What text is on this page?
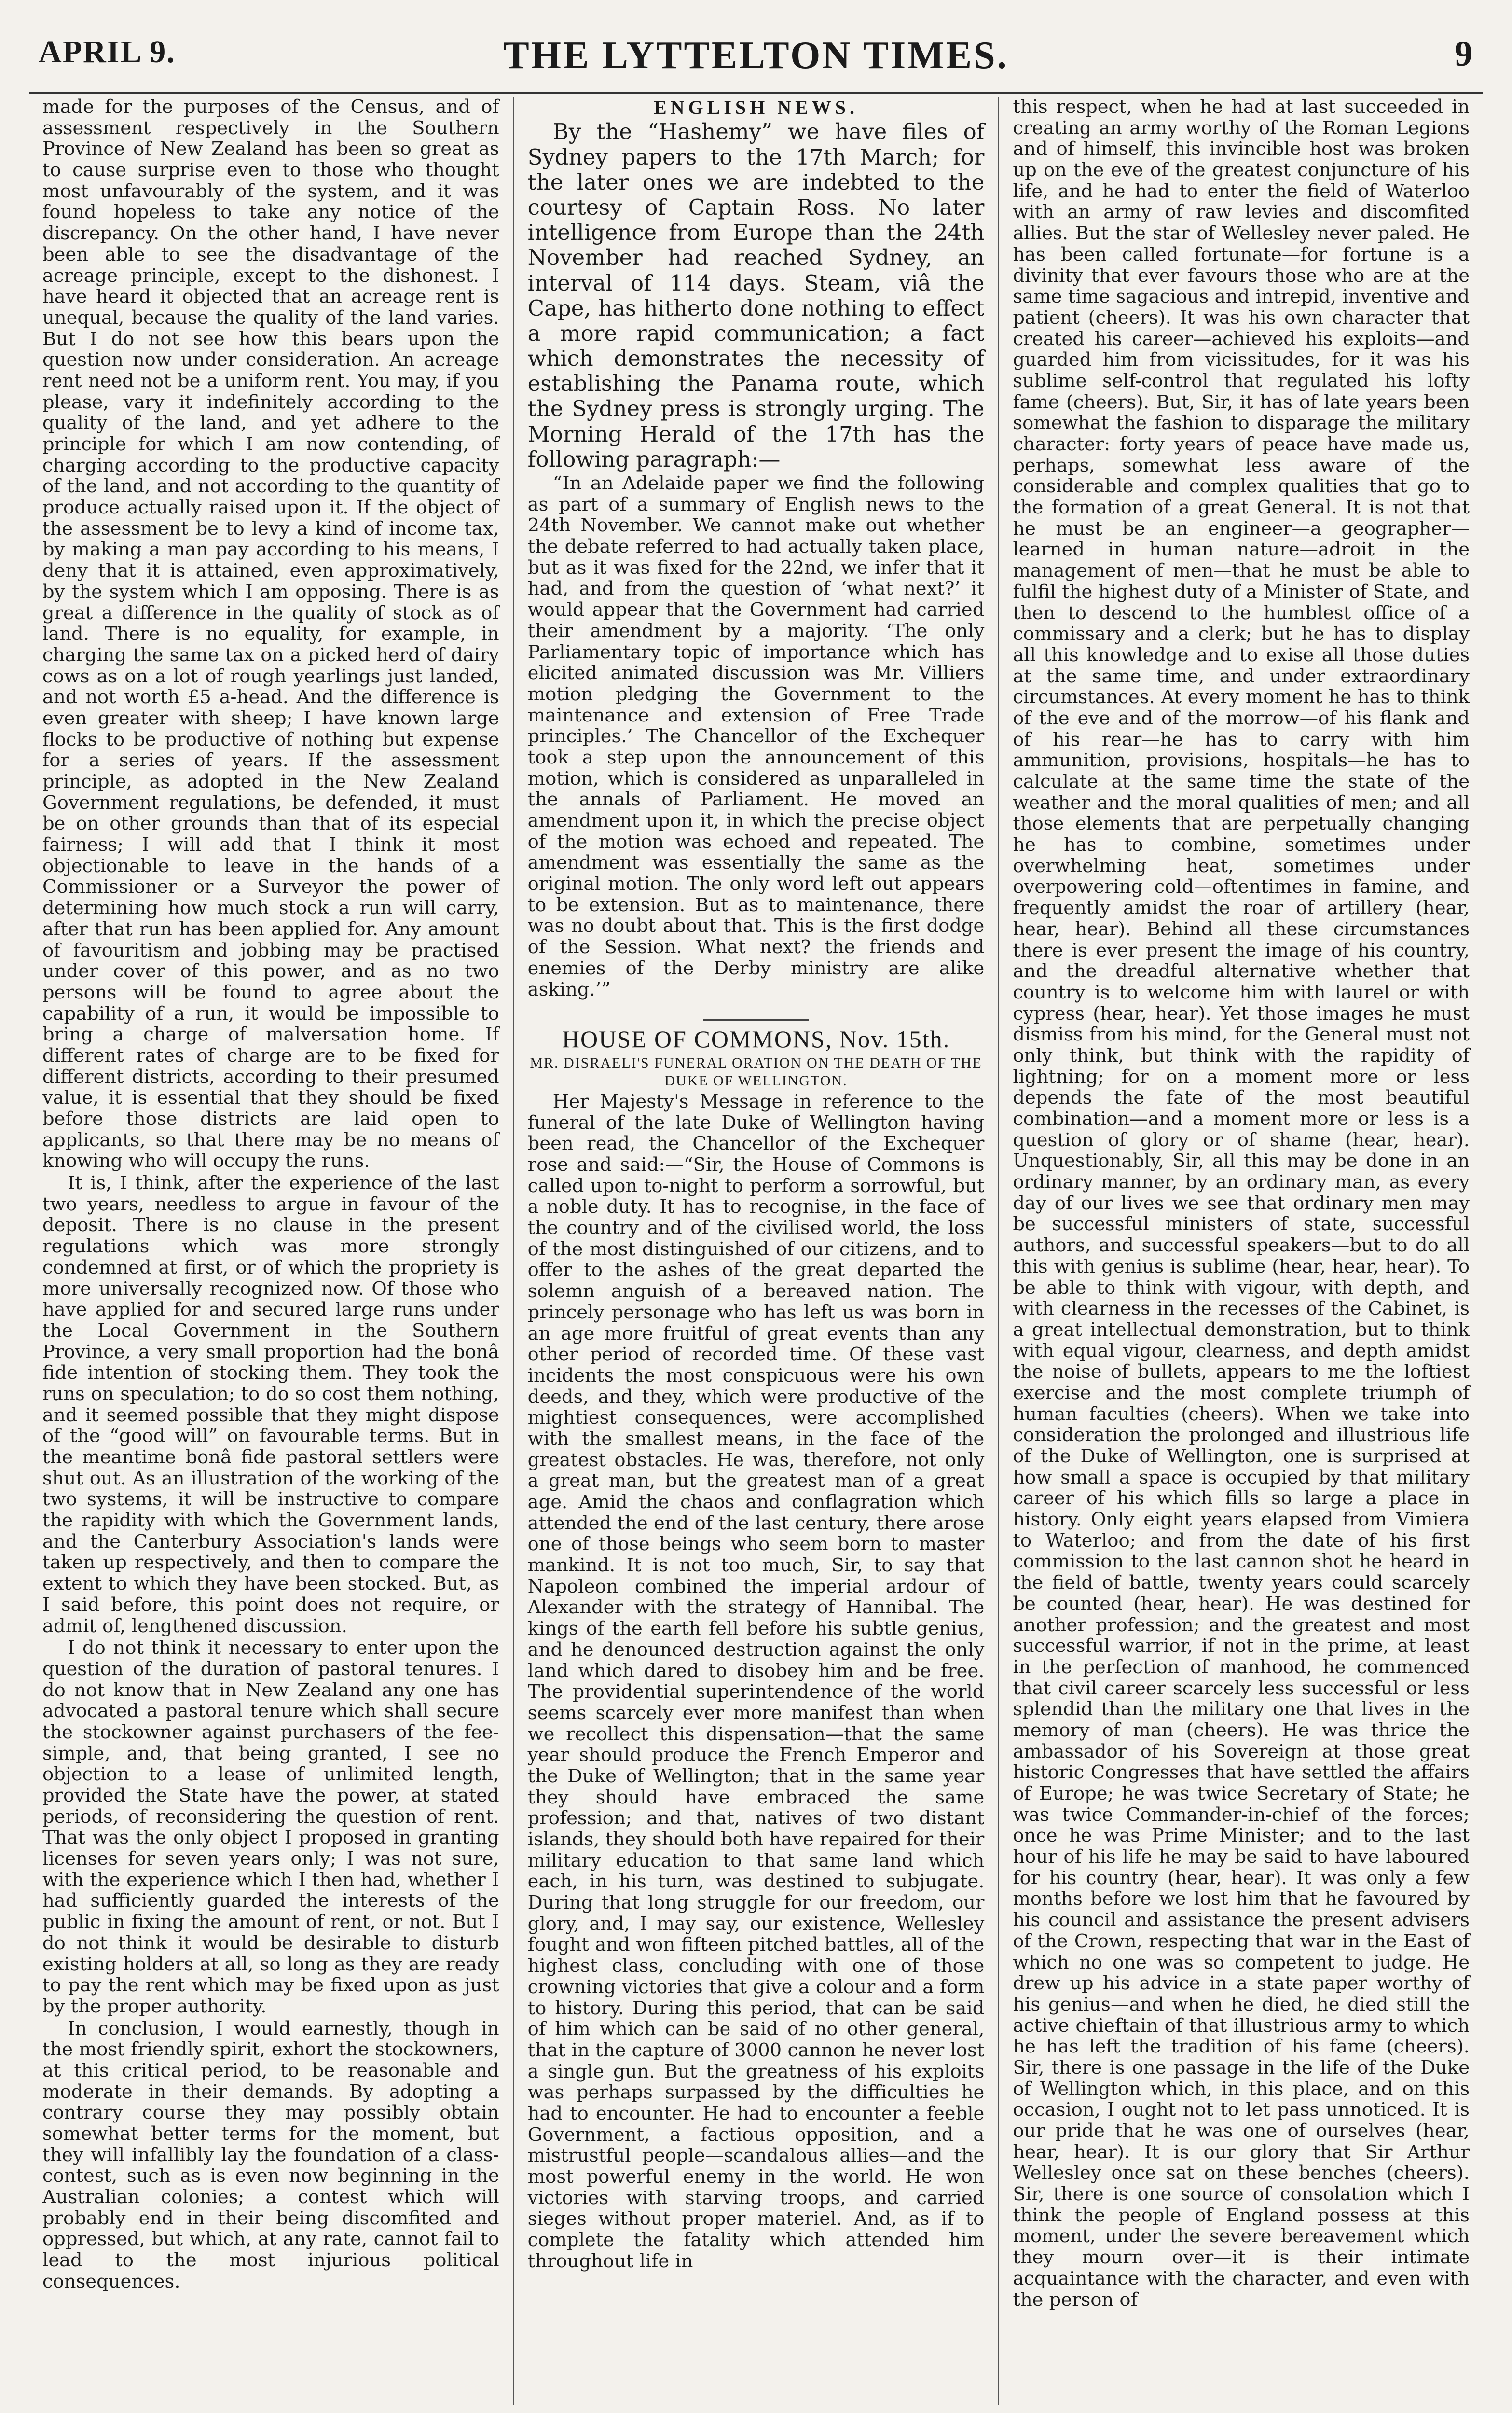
APRIL 9.	THE LYTTELTON TIMES.	9

made for the purposes of the Census, and of assessment respectively in the Southern Province of New Zealand has been so great as to cause surprise even to those who thought most unfavourably of the system, and it was found hopeless to take any notice of the discrepancy. On the other hand, I have never been able to see the disadvantage of the acreage principle, except to the dishonest. I have heard it objected that an acreage rent is unequal, because the quality of the land varies. But I do not see how this bears upon the question now under consideration. An acreage rent need not be a uniform rent. You may, if you please, vary it indefinitely according to the quality of the land, and yet adhere to the principle for which I am now contending, of charging according to the productive capacity of the land, and not according to the quantity of produce actually raised upon it. If the object of the assessment be to levy a kind of income tax, by making a man pay according to his means, I deny that it is attained, even approximatively, by the system which I am opposing. There is as great a difference in the quality of stock as of land. There is no equality, for example, in charging the same tax on a picked herd of dairy cows as on a lot of rough yearlings just landed, and not worth £5 a-head. And the difference is even greater with sheep; I have known large flocks to be productive of nothing but expense for a series of years. If the assessment principle, as adopted in the New Zealand Government regulations, be defended, it must be on other grounds than that of its especial fairness; I will add that I think it most objectionable to leave in the hands of a Commissioner or a Surveyor the power of determining how much stock a run will carry, after that run has been applied for. Any amount of favouritism and jobbing may be practised under cover of this power, and as no two persons will be found to agree about the capability of a run, it would be impossible to bring a charge of malversation home. If different rates of charge are to be fixed for different districts, according to their presumed value, it is essential that they should be fixed before those districts are laid open to applicants, so that there may be no means of knowing who will occupy the runs.

It is, I think, after the experience of the last two years, needless to argue in favour of the deposit. There is no clause in the present regulations which was more strongly condemned at first, or of which the propriety is more universally recognized now. Of those who have applied for and secured large runs under the Local Government in the Southern Province, a very small proportion had the bonâ fide intention of stocking them. They took the runs on speculation; to do so cost them nothing, and it seemed possible that they might dispose of the “good will” on favourable terms. But in the meantime bonâ fide pastoral settlers were shut out. As an illustration of the working of the two systems, it will be instructive to compare the rapidity with which the Government lands, and the Canterbury Association's lands were taken up respectively, and then to compare the extent to which they have been stocked. But, as I said before, this point does not require, or admit of, lengthened discussion.

I do not think it necessary to enter upon the question of the duration of pastoral tenures. I do not know that in New Zealand any one has advocated a pastoral tenure which shall secure the stockowner against purchasers of the fee-simple, and, that being granted, I see no objection to a lease of unlimited length, provided the State have the power, at stated periods, of reconsidering the question of rent. That was the only object I proposed in granting licenses for seven years only; I was not sure, with the experience which I then had, whether I had sufficiently guarded the interests of the public in fixing the amount of rent, or not. But I do not think it would be desirable to disturb existing holders at all, so long as they are ready to pay the rent which may be fixed upon as just by the proper authority.

In conclusion, I would earnestly, though in the most friendly spirit, exhort the stockowners, at this critical period, to be reasonable and moderate in their demands. By adopting a contrary course they may possibly obtain somewhat better terms for the moment, but they will infallibly lay the foundation of a class-contest, such as is even now beginning in the Australian colonies; a contest which will probably end in their being discomfited and oppressed, but which, at any rate, cannot fail to lead to the most injurious political consequences.

ENGLISH NEWS.

By the “Hashemy” we have files of Sydney papers to the 17th March; for the later ones we are indebted to the courtesy of Captain Ross. No later intelligence from Europe than the 24th November had reached Sydney, an interval of 114 days. Steam, viâ the Cape, has hitherto done nothing to effect a more rapid communication; a fact which demonstrates the necessity of establishing the Panama route, which the Sydney press is strongly urging. The Morning Herald of the 17th has the following paragraph:—

“In an Adelaide paper we find the following as part of a summary of English news to the 24th November. We cannot make out whether the debate referred to had actually taken place, but as it was fixed for the 22nd, we infer that it had, and from the question of ‘what next?’ it would appear that the Government had carried their amendment by a majority. ‘The only Parliamentary topic of importance which has elicited animated discussion was Mr. Villiers motion pledging the Government to the maintenance and extension of Free Trade principles.’ The Chancellor of the Exchequer took a step upon the announcement of this motion, which is considered as unparalleled in the annals of Parliament. He moved an amendment upon it, in which the precise object of the motion was echoed and repeated. The amendment was essentially the same as the original motion. The only word left out appears to be extension. But as to maintenance, there was no doubt about that. This is the first dodge of the Session. What next? the friends and enemies of the Derby ministry are alike asking.’”

HOUSE OF COMMONS, Nov. 15th.

MR. DISRAELI'S FUNERAL ORATION ON THE DEATH OF THE DUKE OF WELLINGTON.

Her Majesty's Message in reference to the funeral of the late Duke of Wellington having been read, the Chancellor of the Exchequer rose and said:—“Sir, the House of Commons is called upon to-night to perform a sorrowful, but a noble duty. It has to recognise, in the face of the country and of the civilised world, the loss of the most distinguished of our citizens, and to offer to the ashes of the great departed the solemn anguish of a bereaved nation. The princely personage who has left us was born in an age more fruitful of great events than any other period of recorded time. Of these vast incidents the most conspicuous were his own deeds, and they, which were productive of the mightiest consequences, were accomplished with the smallest means, in the face of the greatest obstacles. He was, therefore, not only a great man, but the greatest man of a great age. Amid the chaos and conflagration which attended the end of the last century, there arose one of those beings who seem born to master mankind. It is not too much, Sir, to say that Napoleon combined the imperial ardour of Alexander with the strategy of Hannibal. The kings of the earth fell before his subtle genius, and he denounced destruction against the only land which dared to disobey him and be free. The providential superintendence of the world seems scarcely ever more manifest than when we recollect this dispensation—that the same year should produce the French Emperor and the Duke of Wellington; that in the same year they should have embraced the same profession; and that, natives of two distant islands, they should both have repaired for their military education to that same land which each, in his turn, was destined to subjugate. During that long struggle for our freedom, our glory, and, I may say, our existence, Wellesley fought and won fifteen pitched battles, all of the highest class, concluding with one of those crowning victories that give a colour and a form to history. During this period, that can be said of him which can be said of no other general, that in the capture of 3000 cannon he never lost a single gun. But the greatness of his exploits was perhaps surpassed by the difficulties he had to encounter. He had to encounter a feeble Government, a factious opposition, and a mistrustful people—scandalous allies—and the most powerful enemy in the world. He won victories with starving troops, and carried sieges without proper materiel. And, as if to complete the fatality which attended him throughout life in

this respect, when he had at last succeeded in creating an army worthy of the Roman Legions and of himself, this invincible host was broken up on the eve of the greatest conjuncture of his life, and he had to enter the field of Waterloo with an army of raw levies and discomfited allies. But the star of Wellesley never paled. He has been called fortunate—for fortune is a divinity that ever favours those who are at the same time sagacious and intrepid, inventive and patient (cheers). It was his own character that created his career—achieved his exploits—and guarded him from vicissitudes, for it was his sublime self-control that regulated his lofty fame (cheers). But, Sir, it has of late years been somewhat the fashion to disparage the military character: forty years of peace have made us, perhaps, somewhat less aware of the considerable and complex qualities that go to the formation of a great General. It is not that he must be an engineer—a geographer—learned in human nature—adroit in the management of men—that he must be able to fulfil the highest duty of a Minister of State, and then to descend to the humblest office of a commissary and a clerk; but he has to display all this knowledge and to exise all those duties at the same time, and under extraordinary circumstances. At every moment he has to think of the eve and of the morrow—of his flank and of his rear—he has to carry with him ammunition, provisions, hospitals—he has to calculate at the same time the state of the weather and the moral qualities of men; and all those elements that are perpetually changing he has to combine, sometimes under overwhelming heat, sometimes under overpowering cold—oftentimes in famine, and frequently amidst the roar of artillery (hear, hear, hear). Behind all these circumstances there is ever present the image of his country, and the dreadful alternative whether that country is to welcome him with laurel or with cypress (hear, hear). Yet those images he must dismiss from his mind, for the General must not only think, but think with the rapidity of lightning; for on a moment more or less depends the fate of the most beautiful combination—and a moment more or less is a question of glory or of shame (hear, hear). Unquestionably, Sir, all this may be done in an ordinary manner, by an ordinary man, as every day of our lives we see that ordinary men may be successful ministers of state, successful authors, and successful speakers—but to do all this with genius is sublime (hear, hear, hear). To be able to think with vigour, with depth, and with clearness in the recesses of the Cabinet, is a great intellectual demonstration, but to think with equal vigour, clearness, and depth amidst the noise of bullets, appears to me the loftiest exercise and the most complete triumph of human faculties (cheers). When we take into consideration the prolonged and illustrious life of the Duke of Wellington, one is surprised at how small a space is occupied by that military career of his which fills so large a place in history. Only eight years elapsed from Vimiera to Waterloo; and from the date of his first commission to the last cannon shot he heard in the field of battle, twenty years could scarcely be counted (hear, hear). He was destined for another profession; and the greatest and most successful warrior, if not in the prime, at least in the perfection of manhood, he commenced that civil career scarcely less successful or less splendid than the military one that lives in the memory of man (cheers). He was thrice the ambassador of his Sovereign at those great historic Congresses that have settled the affairs of Europe; he was twice Secretary of State; he was twice Commander-in-chief of the forces; once he was Prime Minister; and to the last hour of his life he may be said to have laboured for his country (hear, hear). It was only a few months before we lost him that he favoured by his council and assistance the present advisers of the Crown, respecting that war in the East of which no one was so competent to judge. He drew up his advice in a state paper worthy of his genius—and when he died, he died still the active chieftain of that illustrious army to which he has left the tradition of his fame (cheers). Sir, there is one passage in the life of the Duke of Wellington which, in this place, and on this occasion, I ought not to let pass unnoticed. It is our pride that he was one of ourselves (hear, hear, hear). It is our glory that Sir Arthur Wellesley once sat on these benches (cheers). Sir, there is one source of consolation which I think the people of England possess at this moment, under the severe bereavement which they mourn over—it is their intimate acquaintance with the character, and even with the person of
